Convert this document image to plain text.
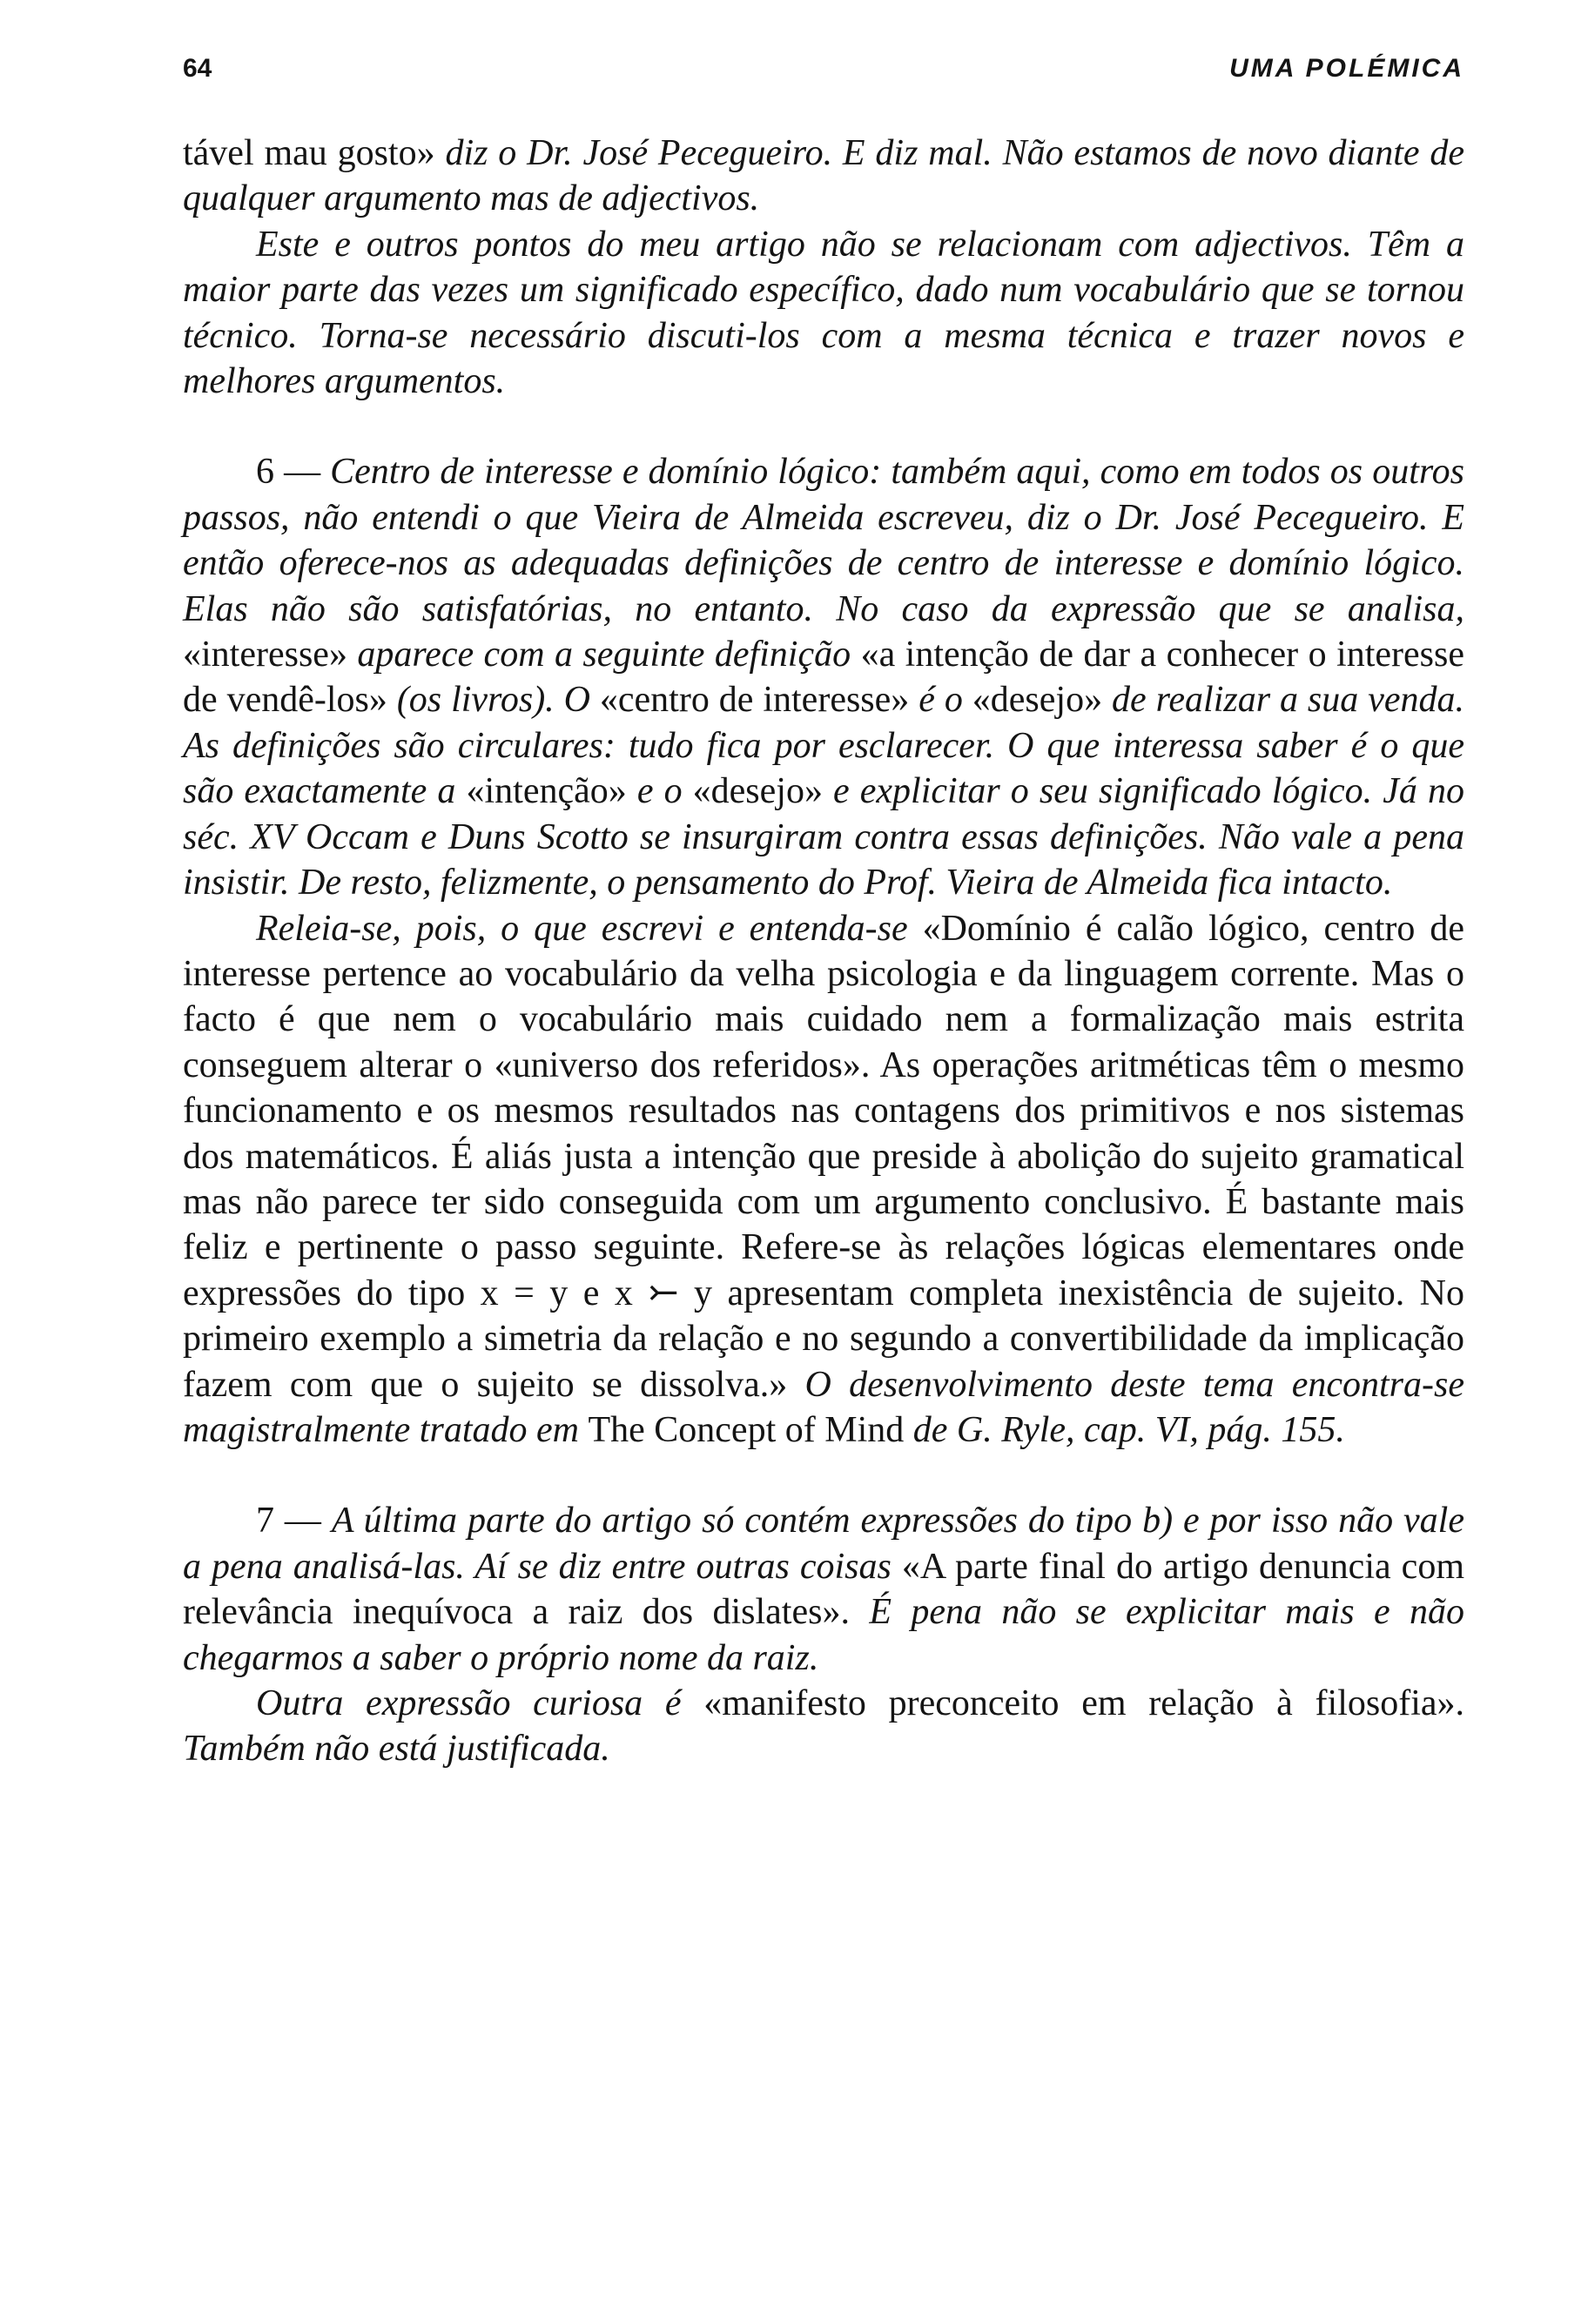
64	UMA POLÉMICA

tável mau gosto» diz o Dr. José Pecegueiro. E diz mal. Não estamos de novo diante de qualquer argumento mas de adjectivos.

Este e outros pontos do meu artigo não se relacionam com adjectivos. Têm a maior parte das vezes um significado específico, dado num vocabulário que se tornou técnico. Torna-se necessário discuti-los com a mesma técnica e trazer novos e melhores argumentos.

6 — Centro de interesse e domínio lógico: também aqui, como em todos os outros passos, não entendi o que Vieira de Almeida escreveu, diz o Dr. José Pecegueiro. E então oferece-nos as adequadas definições de centro de interesse e domínio lógico. Elas não são satisfatórias, no entanto. No caso da expressão que se analisa, «interesse» aparece com a seguinte definição «a intenção de dar a conhecer o interesse de vendê-los» (os livros). O «centro de interesse» é o «desejo» de realizar a sua venda. As definições são circulares: tudo fica por esclarecer. O que interessa saber é o que são exactamente a «intenção» e o «desejo» e explicitar o seu significado lógico. Já no séc. XV Occam e Duns Scotto se insurgiram contra essas definições. Não vale a pena insistir. De resto, felizmente, o pensamento do Prof. Vieira de Almeida fica intacto.

Releia-se, pois, o que escrevi e entenda-se «Domínio é calão lógico, centro de interesse pertence ao vocabulário da velha psicologia e da linguagem corrente. Mas o facto é que nem o vocabulário mais cuidado nem a formalização mais estrita conseguem alterar o «universo dos referidos». As operações aritméticas têm o mesmo funcionamento e os mesmos resultados nas contagens dos primitivos e nos sistemas dos matemáticos. É aliás justa a intenção que preside à abolição do sujeito gramatical mas não parece ter sido conseguida com um argumento conclusivo. É bastante mais feliz e pertinente o passo seguinte. Refere-se às relações lógicas elementares onde expressões do tipo x = y e x ⤚ y apresentam completa inexistência de sujeito. No primeiro exemplo a simetria da relação e no segundo a convertibilidade da implicação fazem com que o sujeito se dissolva.» O desenvolvimento deste tema encontra-se magistralmente tratado em The Concept of Mind de G. Ryle, cap. VI, pág. 155.

7 — A última parte do artigo só contém expressões do tipo b) e por isso não vale a pena analisá-las. Aí se diz entre outras coisas «A parte final do artigo denuncia com relevância inequívoca a raiz dos dislates». É pena não se explicitar mais e não chegarmos a saber o próprio nome da raiz.

Outra expressão curiosa é «manifesto preconceito em relação à filosofia». Também não está justificada.
